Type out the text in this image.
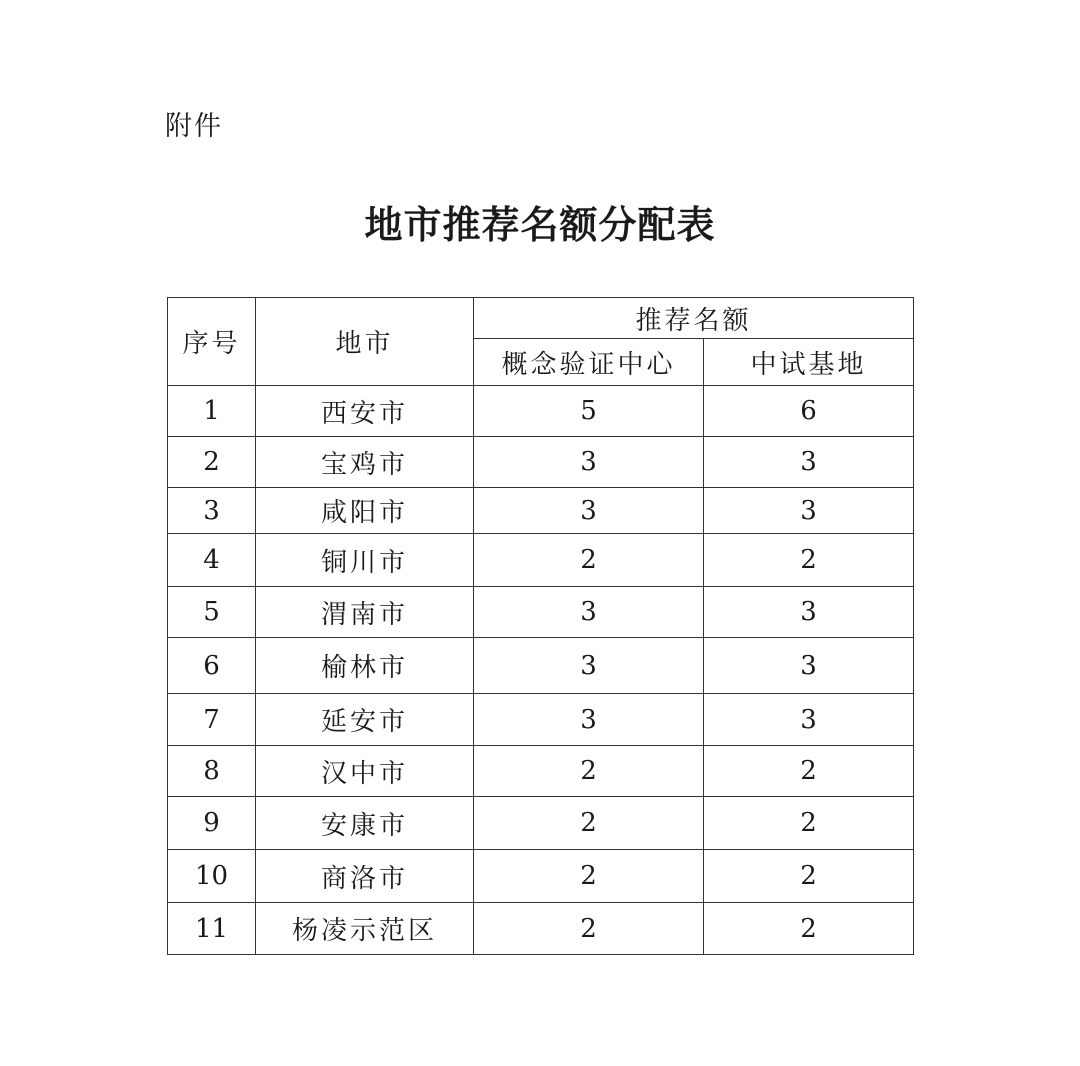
附件
地市推荐名额分配表
序号	地市	推荐名额	
		概念验证中心	中试基地
1	西安市	5	6
2	宝鸡市	3	3
3	咸阳市	3	3
4	铜川市	2	2
5	渭南市	3	3
6	榆林市	3	3
7	延安市	3	3
8	汉中市	2	2
9	安康市	2	2
10	商洛市	2	2
11	杨凌示范区	2	2
